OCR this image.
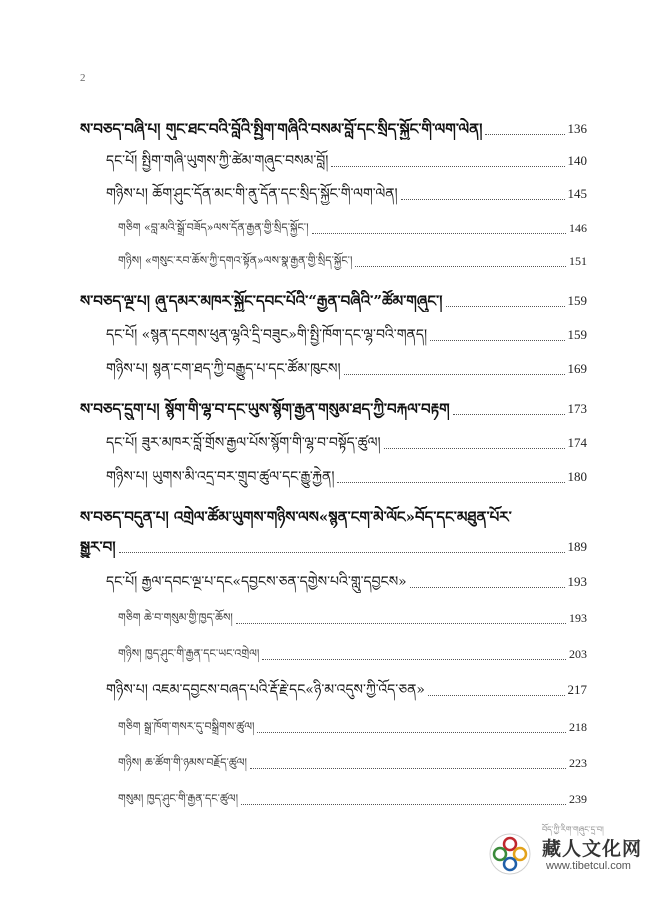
2
ས་བཅད་བཞི་པ། གུང་ཐང་བའི་བློའི་སྤྱིག་གཞིའི་བསམ་བློ་དང་སྲིད་སྐྱོང་གི་ལག་ལེན།	136
དང་པོ། སྤྱིག་གཞི་ཡུགས་ཀྱི་ཚེམ་གཞུང་བསམ་བློ།	140
གཉིས་པ། ཆོག་ཤུང་དོན་མང་གི་ནུ་དོན་དང་སྲིད་སྐྱོང་གི་ལག་ལེན།	145
གཅིག «བླ་མའི་སྒྲོ་བཟོད»ལས་དོན་རྒྱན་གྱི་སྲིད་སྐྱོང་།	146
གཉིས། «གསུང་རབ་ཆོས་ཀྱི་དགའ་སྟོན»ལས་སྣ་རྒྱན་གྱི་སྲིད་སྐྱོང་།	151
ས་བཅད་ལྔ་པ། ཞུ་དམར་མཁར་སྐྱོང་དབང་པོའི་“རྒྱན་བཞིའི་”ཚོམ་གཞུང་།	159
དང་པོ། «སྙན་དངགས་ཕུན་ལྷའི་དྲི་བཟུང»གི་སྤྱི་ཁོག་དང་ལྷ་བའི་གནད།	159
གཉིས་པ། སྙན་ངག་ཐད་ཀྱི་བརྒྱུད་པ་དང་ཚོམ་ཁུངས།	169
ས་བཅད་དྲུག་པ། སྙོག་གི་ལྷ་བ་དང་ཡུས་སྙོག་རྒྱན་གསུམ་ཐད་ཀྱི་བརྐལ་བརྟག	173
དང་པོ། ཟུར་མཁར་བློ་གྲོས་རྒྱལ་པོས་སྙོག་གི་ལྷ་བ་བསྟོད་ཚུལ།	174
གཉིས་པ། ཡུགས་མི་འདྲ་བར་གྲུབ་ཚུལ་དང་རྒྱུ་རྐྱེན།	180
ས་བཅད་བདུན་པ། འགྲེལ་ཚོམ་ཡུགས་གཉིས་ལས«སྙན་ངག་མེ་ལོང»བོད་དང་མཐུན་པོར་
སྒྱུར་བ།	189
དང་པོ། རྒྱལ་དབང་ལྔ་པ་དང«དབྱངས་ཅན་དགྱེས་པའི་གླུ་དབྱངས»	193
གཅིག ཆེ་བ་གསུམ་གྱི་ཁྱད་ཆོས།	193
གཉིས། ཁྱད་ཤུང་གི་རྒྱན་དང་ཡང་འགྲེལ།	203
གཉིས་པ། འཇམ་དབྱངས་བཞད་པའི་རྡོ་རྗེ་དང«ཉི་མ་འདུས་ཀྱི་འོད་ཅན»	217
གཅིག སྒྲ་ཁོག་གསར་དུ་བསྒྲིགས་ཚུལ།	218
གཉིས། ཆ་ཚོག་གི་ཉམས་བརྗོད་ཚུལ།	223
གསུམ། ཁྱད་ཤུང་གི་རྒྱན་དང་ཚུལ།	239
བོད་ཀྱི་རིག་གཞུང་དྲ་བ།
藏人文化网
www.tibetcul.com
